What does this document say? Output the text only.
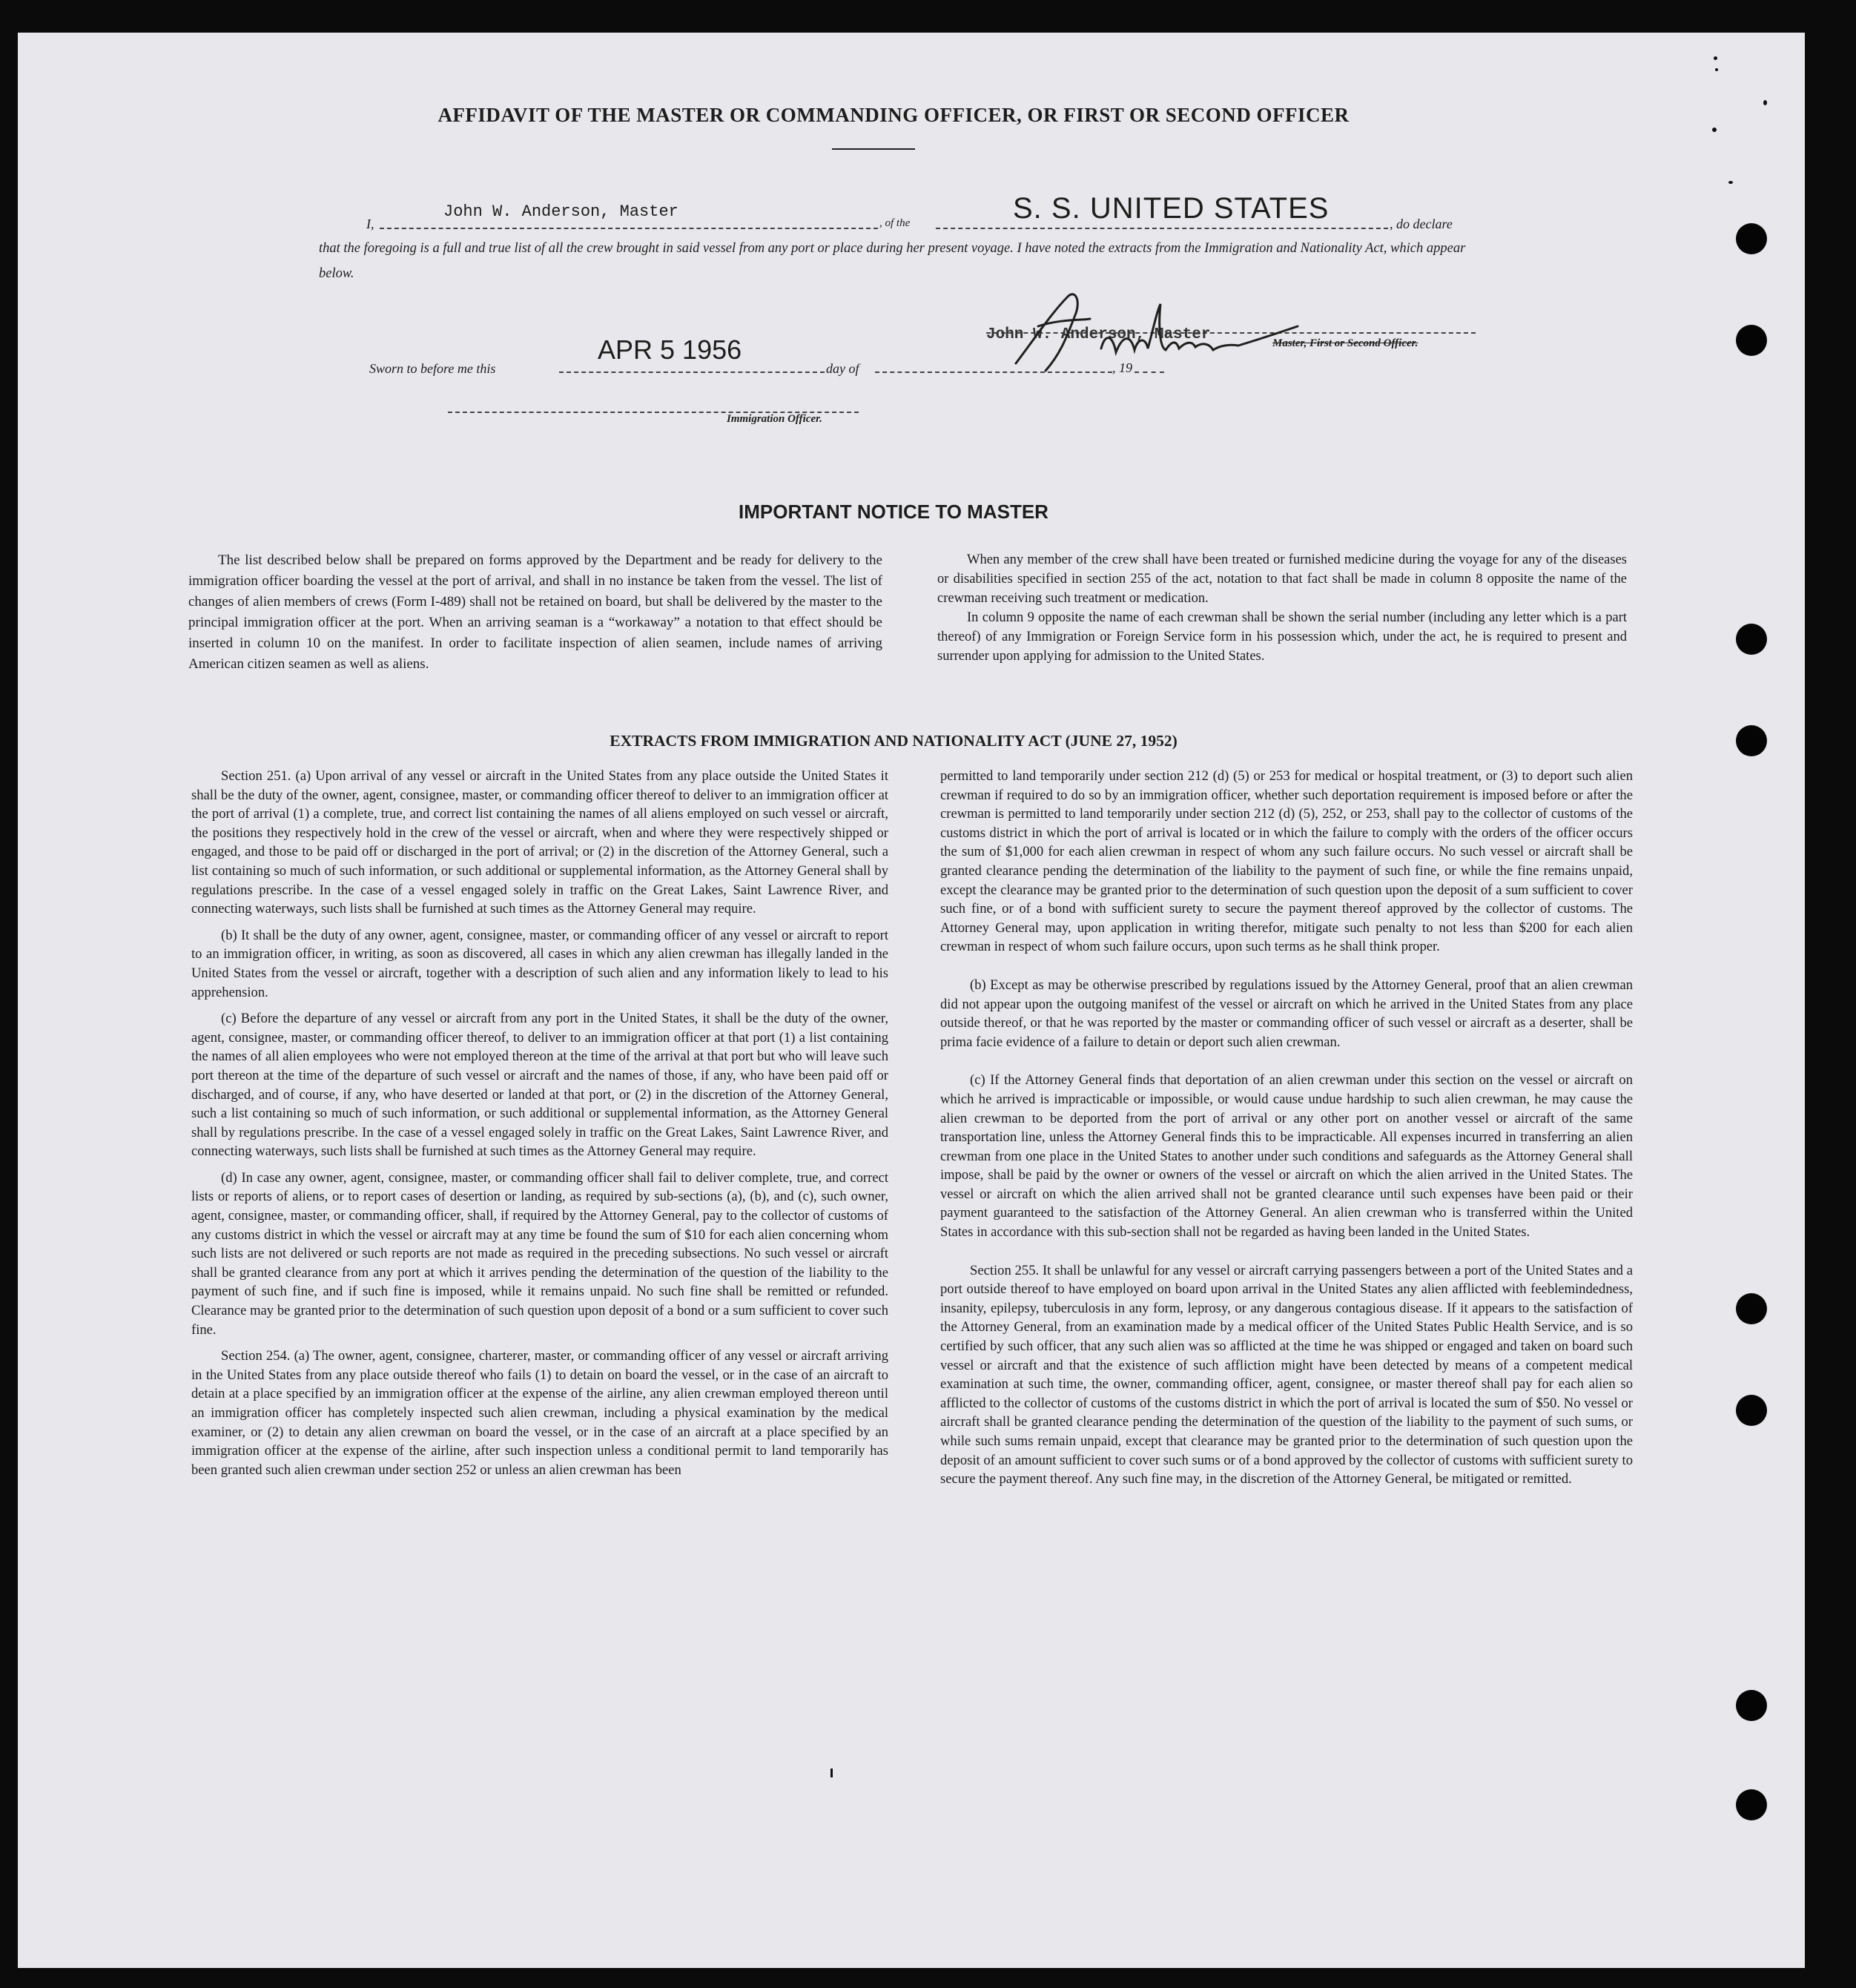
AFFIDAVIT OF THE MASTER OR COMMANDING OFFICER, OR FIRST OR SECOND OFFICER
I,
John W. Anderson, Master
, of the	S. S. UNITED STATES	, do declare
that the foregoing is a full and true list of all the crew brought in said vessel from any port or place during her present voyage. I have noted the extracts from the Immigration and Nationality Act, which appear below.
Sworn to before me this
APR 5 1956
day of	, 19
John W. Anderson, Master	Master, First or Second Officer.
J W Anderson
Immigration Officer.
IMPORTANT NOTICE TO MASTER

The list described below shall be prepared on forms approved by the Department and be ready for delivery to the immigration officer boarding the vessel at the port of arrival, and shall in no instance be taken from the vessel. The list of changes of alien members of crews (Form I-489) shall not be retained on board, but shall be delivered by the master to the principal immigration officer at the port. When an arriving seaman is a “workaway” a notation to that effect should be inserted in column 10 on the manifest. In order to facilitate inspection of alien seamen, include names of arriving American citizen seamen as well as aliens.

When any member of the crew shall have been treated or furnished medicine during the voyage for any of the diseases or disabilities specified in section 255 of the act, notation to that fact shall be made in column 8 opposite the name of the crewman receiving such treatment or medication.

In column 9 opposite the name of each crewman shall be shown the serial number (including any letter which is a part thereof) of any Immigration or Foreign Service form in his possession which, under the act, he is required to present and surrender upon applying for admission to the United States.

EXTRACTS FROM IMMIGRATION AND NATIONALITY ACT (JUNE 27, 1952)

Section 251. (a) Upon arrival of any vessel or aircraft in the United States from any place outside the United States it shall be the duty of the owner, agent, consignee, master, or commanding officer thereof to deliver to an immigration officer at the port of arrival (1) a complete, true, and correct list containing the names of all aliens employed on such vessel or aircraft, the positions they respectively hold in the crew of the vessel or aircraft, when and where they were respectively shipped or engaged, and those to be paid off or discharged in the port of arrival; or (2) in the discretion of the Attorney General, such a list containing so much of such information, or such additional or supplemental information, as the Attorney General shall by regulations prescribe. In the case of a vessel engaged solely in traffic on the Great Lakes, Saint Lawrence River, and connecting waterways, such lists shall be furnished at such times as the Attorney General may require.

(b) It shall be the duty of any owner, agent, consignee, master, or commanding officer of any vessel or aircraft to report to an immigration officer, in writing, as soon as discovered, all cases in which any alien crewman has illegally landed in the United States from the vessel or aircraft, together with a description of such alien and any information likely to lead to his apprehension.

(c) Before the departure of any vessel or aircraft from any port in the United States, it shall be the duty of the owner, agent, consignee, master, or commanding officer thereof, to deliver to an immigration officer at that port (1) a list containing the names of all alien employees who were not employed thereon at the time of the arrival at that port but who will leave such port thereon at the time of the departure of such vessel or aircraft and the names of those, if any, who have been paid off or discharged, and of course, if any, who have deserted or landed at that port, or (2) in the discretion of the Attorney General, such a list containing so much of such information, or such additional or supplemental information, as the Attorney General shall by regulations prescribe. In the case of a vessel engaged solely in traffic on the Great Lakes, Saint Lawrence River, and connecting waterways, such lists shall be furnished at such times as the Attorney General may require.

(d) In case any owner, agent, consignee, master, or commanding officer shall fail to deliver complete, true, and correct lists or reports of aliens, or to report cases of desertion or landing, as required by sub-sections (a), (b), and (c), such owner, agent, consignee, master, or commanding officer, shall, if required by the Attorney General, pay to the collector of customs of any customs district in which the vessel or aircraft may at any time be found the sum of $10 for each alien concerning whom such lists are not delivered or such reports are not made as required in the preceding subsections. No such vessel or aircraft shall be granted clearance from any port at which it arrives pending the determination of the question of the liability to the payment of such fine, and if such fine is imposed, while it remains unpaid. No such fine shall be remitted or refunded. Clearance may be granted prior to the determination of such question upon deposit of a bond or a sum sufficient to cover such fine.

Section 254. (a) The owner, agent, consignee, charterer, master, or commanding officer of any vessel or aircraft arriving in the United States from any place outside thereof who fails (1) to detain on board the vessel, or in the case of an aircraft to detain at a place specified by an immigration officer at the expense of the airline, any alien crewman employed thereon until an immigration officer has completely inspected such alien crewman, including a physical examination by the medical examiner, or (2) to detain any alien crewman on board the vessel, or in the case of an aircraft at a place specified by an immigration officer at the expense of the airline, after such inspection unless a conditional permit to land temporarily has been granted such alien crewman under section 252 or unless an alien crewman has been

permitted to land temporarily under section 212 (d) (5) or 253 for medical or hospital treatment, or (3) to deport such alien crewman if required to do so by an immigration officer, whether such deportation requirement is imposed before or after the crewman is permitted to land temporarily under section 212 (d) (5), 252, or 253, shall pay to the collector of customs of the customs district in which the port of arrival is located or in which the failure to comply with the orders of the officer occurs the sum of $1,000 for each alien crewman in respect of whom any such failure occurs. No such vessel or aircraft shall be granted clearance pending the determination of the liability to the payment of such fine, or while the fine remains unpaid, except the clearance may be granted prior to the determination of such question upon the deposit of a sum sufficient to cover such fine, or of a bond with sufficient surety to secure the payment thereof approved by the collector of customs. The Attorney General may, upon application in writing therefor, mitigate such penalty to not less than $200 for each alien crewman in respect of whom such failure occurs, upon such terms as he shall think proper.

(b) Except as may be otherwise prescribed by regulations issued by the Attorney General, proof that an alien crewman did not appear upon the outgoing manifest of the vessel or aircraft on which he arrived in the United States from any place outside thereof, or that he was reported by the master or commanding officer of such vessel or aircraft as a deserter, shall be prima facie evidence of a failure to detain or deport such alien crewman.

(c) If the Attorney General finds that deportation of an alien crewman under this section on the vessel or aircraft on which he arrived is impracticable or impossible, or would cause undue hardship to such alien crewman, he may cause the alien crewman to be deported from the port of arrival or any other port on another vessel or aircraft of the same transportation line, unless the Attorney General finds this to be impracticable. All expenses incurred in transferring an alien crewman from one place in the United States to another under such conditions and safeguards as the Attorney General shall impose, shall be paid by the owner or owners of the vessel or aircraft on which the alien arrived in the United States. The vessel or aircraft on which the alien arrived shall not be granted clearance until such expenses have been paid or their payment guaranteed to the satisfaction of the Attorney General. An alien crewman who is transferred within the United States in accordance with this sub-section shall not be regarded as having been landed in the United States.

Section 255. It shall be unlawful for any vessel or aircraft carrying passengers between a port of the United States and a port outside thereof to have employed on board upon arrival in the United States any alien afflicted with feeblemindedness, insanity, epilepsy, tuberculosis in any form, leprosy, or any dangerous contagious disease. If it appears to the satisfaction of the Attorney General, from an examination made by a medical officer of the United States Public Health Service, and is so certified by such officer, that any such alien was so afflicted at the time he was shipped or engaged and taken on board such vessel or aircraft and that the existence of such affliction might have been detected by means of a competent medical examination at such time, the owner, commanding officer, agent, consignee, or master thereof shall pay for each alien so afflicted to the collector of customs of the customs district in which the port of arrival is located the sum of $50. No vessel or aircraft shall be granted clearance pending the determination of the question of the liability to the payment of such sums, or while such sums remain unpaid, except that clearance may be granted prior to the determination of such question upon the deposit of an amount sufficient to cover such sums or of a bond approved by the collector of customs with sufficient surety to secure the payment thereof. Any such fine may, in the discretion of the Attorney General, be mitigated or remitted.
